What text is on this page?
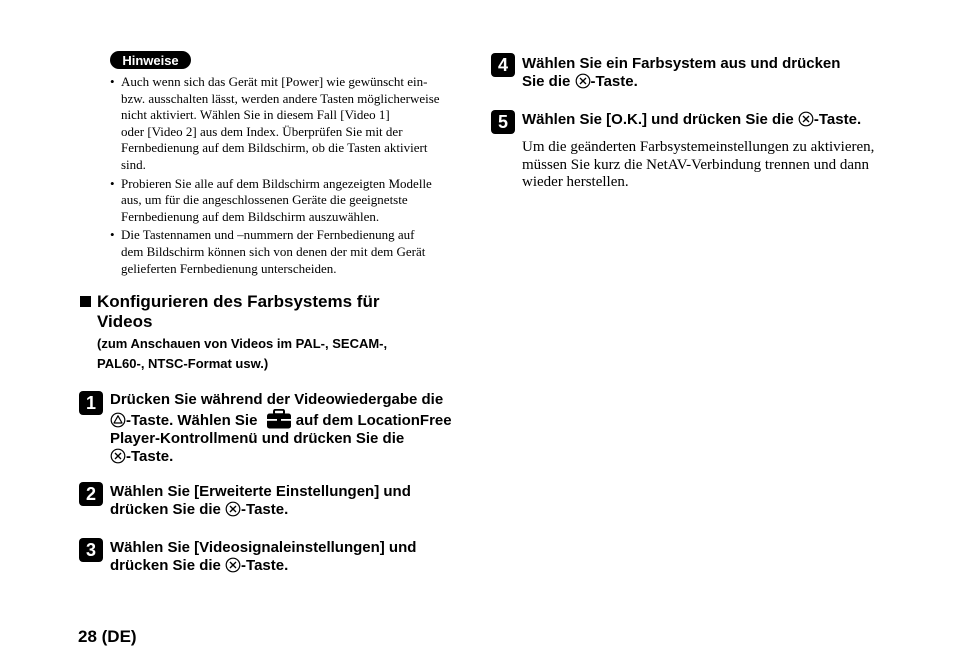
Hinweise
• Auch wenn sich das Gerät mit [Power] wie gewünscht ein-
bzw. ausschalten lässt, werden andere Tasten möglicherweise
nicht aktiviert. Wählen Sie in diesem Fall [Video 1]
oder [Video 2] aus dem Index. Überprüfen Sie mit der
Fernbedienung auf dem Bildschirm, ob die Tasten aktiviert
sind.
• Probieren Sie alle auf dem Bildschirm angezeigten Modelle
aus, um für die angeschlossenen Geräte die geeignetste
Fernbedienung auf dem Bildschirm auszuwählen.
• Die Tastennamen und –nummern der Fernbedienung auf
dem Bildschirm können sich von denen der mit dem Gerät
gelieferten Fernbedienung unterscheiden.
Konfigurieren des Farbsystems für
Videos
(zum Anschauen von Videos im PAL-, SECAM-,
PAL60-, NTSC-Format usw.)
1 Drücken Sie während der Videowiedergabe die
-Taste. Wählen Sie  auf dem LocationFree
Player-Kontrollmenü und drücken Sie die
-Taste.
2 Wählen Sie [Erweiterte Einstellungen] und
drücken Sie die -Taste.
3 Wählen Sie [Videosignaleinstellungen] und
drücken Sie die -Taste.
4 Wählen Sie ein Farbsystem aus und drücken
Sie die -Taste.
5 Wählen Sie [O.K.] und drücken Sie die -Taste.
Um die geänderten Farbsystemeinstellungen zu aktivieren,
müssen Sie kurz die NetAV-Verbindung trennen und dann
wieder herstellen.
28 (DE)
